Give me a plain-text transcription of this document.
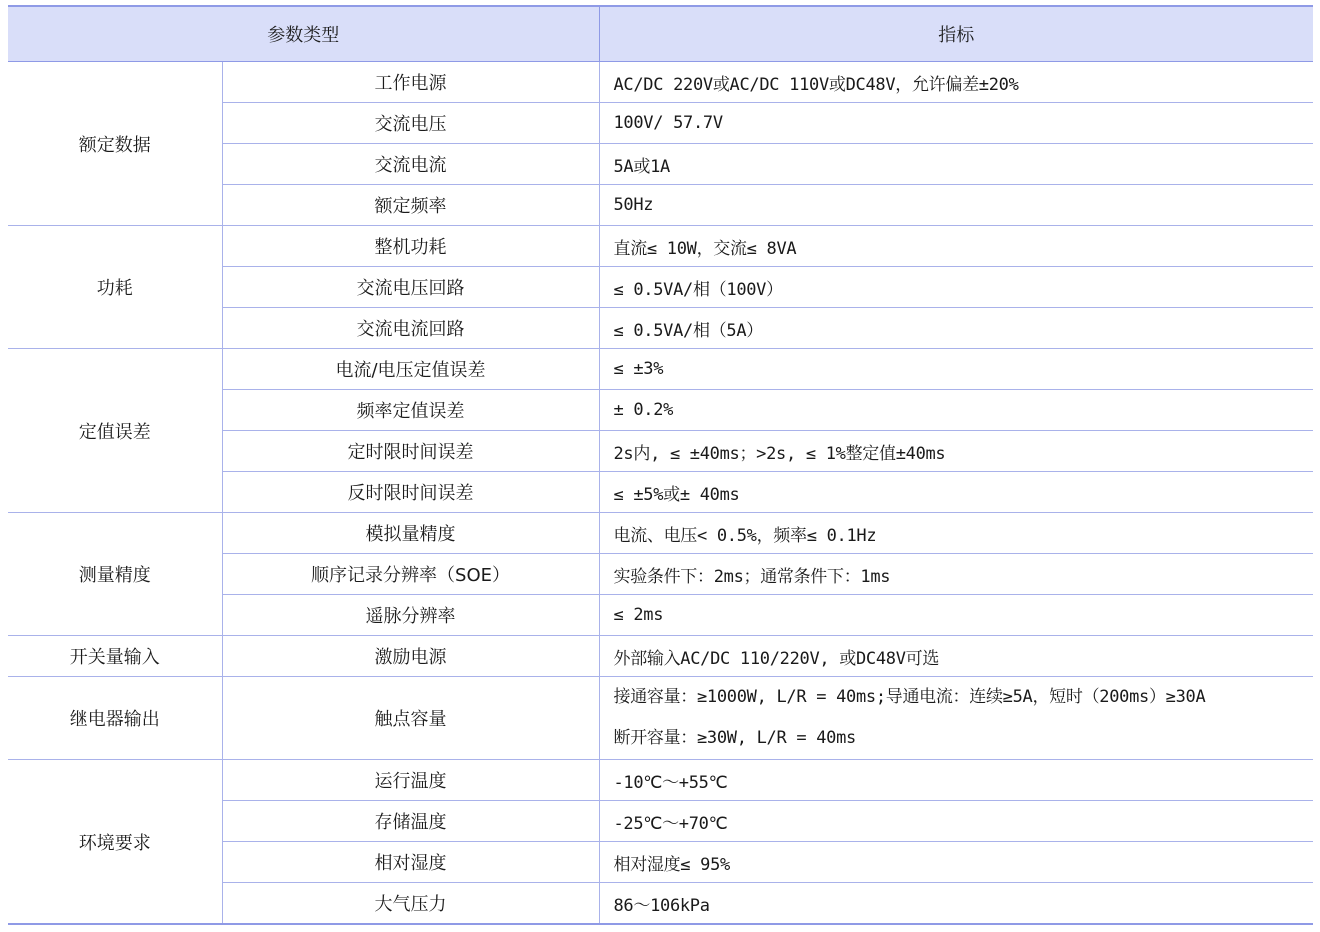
参数类型		指标
额定数据	工作电源	AC/DC 220V或AC/DC 110V或DC48V，允许偏差±20%
	交流电压	100V/ 57.7V
	交流电流	5A或1A
	额定频率	50Hz
功耗	整机功耗	直流≤ 10W，交流≤ 8VA
	交流电压回路	≤ 0.5VA/相（100V）
	交流电流回路	≤ 0.5VA/相（5A）
定值误差	电流/电压定值误差	≤ ±3%
	频率定值误差	± 0.2%
	定时限时间误差	2s内, ≤ ±40ms；>2s, ≤ 1%整定值±40ms
	反时限时间误差	≤ ±5%或± 40ms
测量精度	模拟量精度	电流、电压< 0.5%，频率≤ 0.1Hz
	顺序记录分辨率（SOE）	实验条件下：2ms；通常条件下：1ms
	遥脉分辨率	≤ 2ms
开关量输入	激励电源	外部输入AC/DC 110/220V, 或DC48V可选
继电器输出	触点容量	接通容量：≥1000W, L/R = 40ms;导通电流：连续≥5A，短时（200ms）≥30A
断开容量：≥30W, L/R = 40ms

环境要求	运行温度	-10℃～+55℃
	存储温度	-25℃～+70℃
	相对湿度	相对湿度≤ 95%
	大气压力	86～106kPa
